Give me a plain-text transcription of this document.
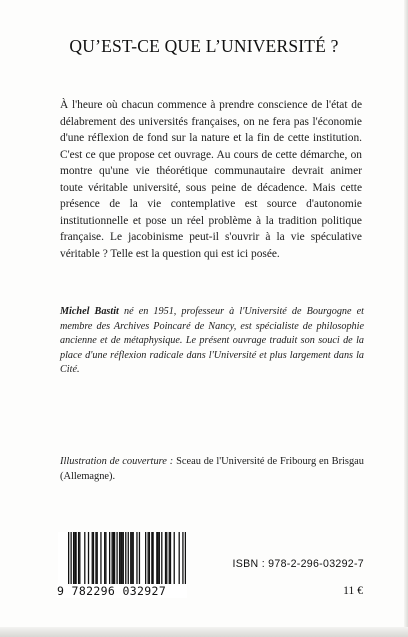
QU’EST-CE QUE L’UNIVERSITÉ ?

À l'heure où chacun commence à prendre conscience de l'état de délabrement des universités françaises, on ne fera pas l'économie d'une réflexion de fond sur la nature et la fin de cette institution. C'est ce que propose cet ouvrage. Au cours de cette démarche, on montre qu'une vie théorétique communautaire devrait animer toute véritable université, sous peine de décadence. Mais cette présence de la vie contemplative est source d'autonomie institutionnelle et pose un réel problème à la tradition politique française. Le jacobinisme peut-il s'ouvrir à la vie spéculative véritable ? Telle est la question qui est ici posée.

Michel Bastit né en 1951, professeur à l'Université de Bourgogne et membre des Archives Poincaré de Nancy, est spécialiste de philosophie ancienne et de métaphysique. Le présent ouvrage traduit son souci de la place d'une réflexion radicale dans l'Université et plus largement dans la Cité.

Illustration de couverture : Sceau de l'Université de Fribourg en Brisgau (Allemagne).

9 782296 032927

ISBN : 978-2-296-03292-7

11 €
